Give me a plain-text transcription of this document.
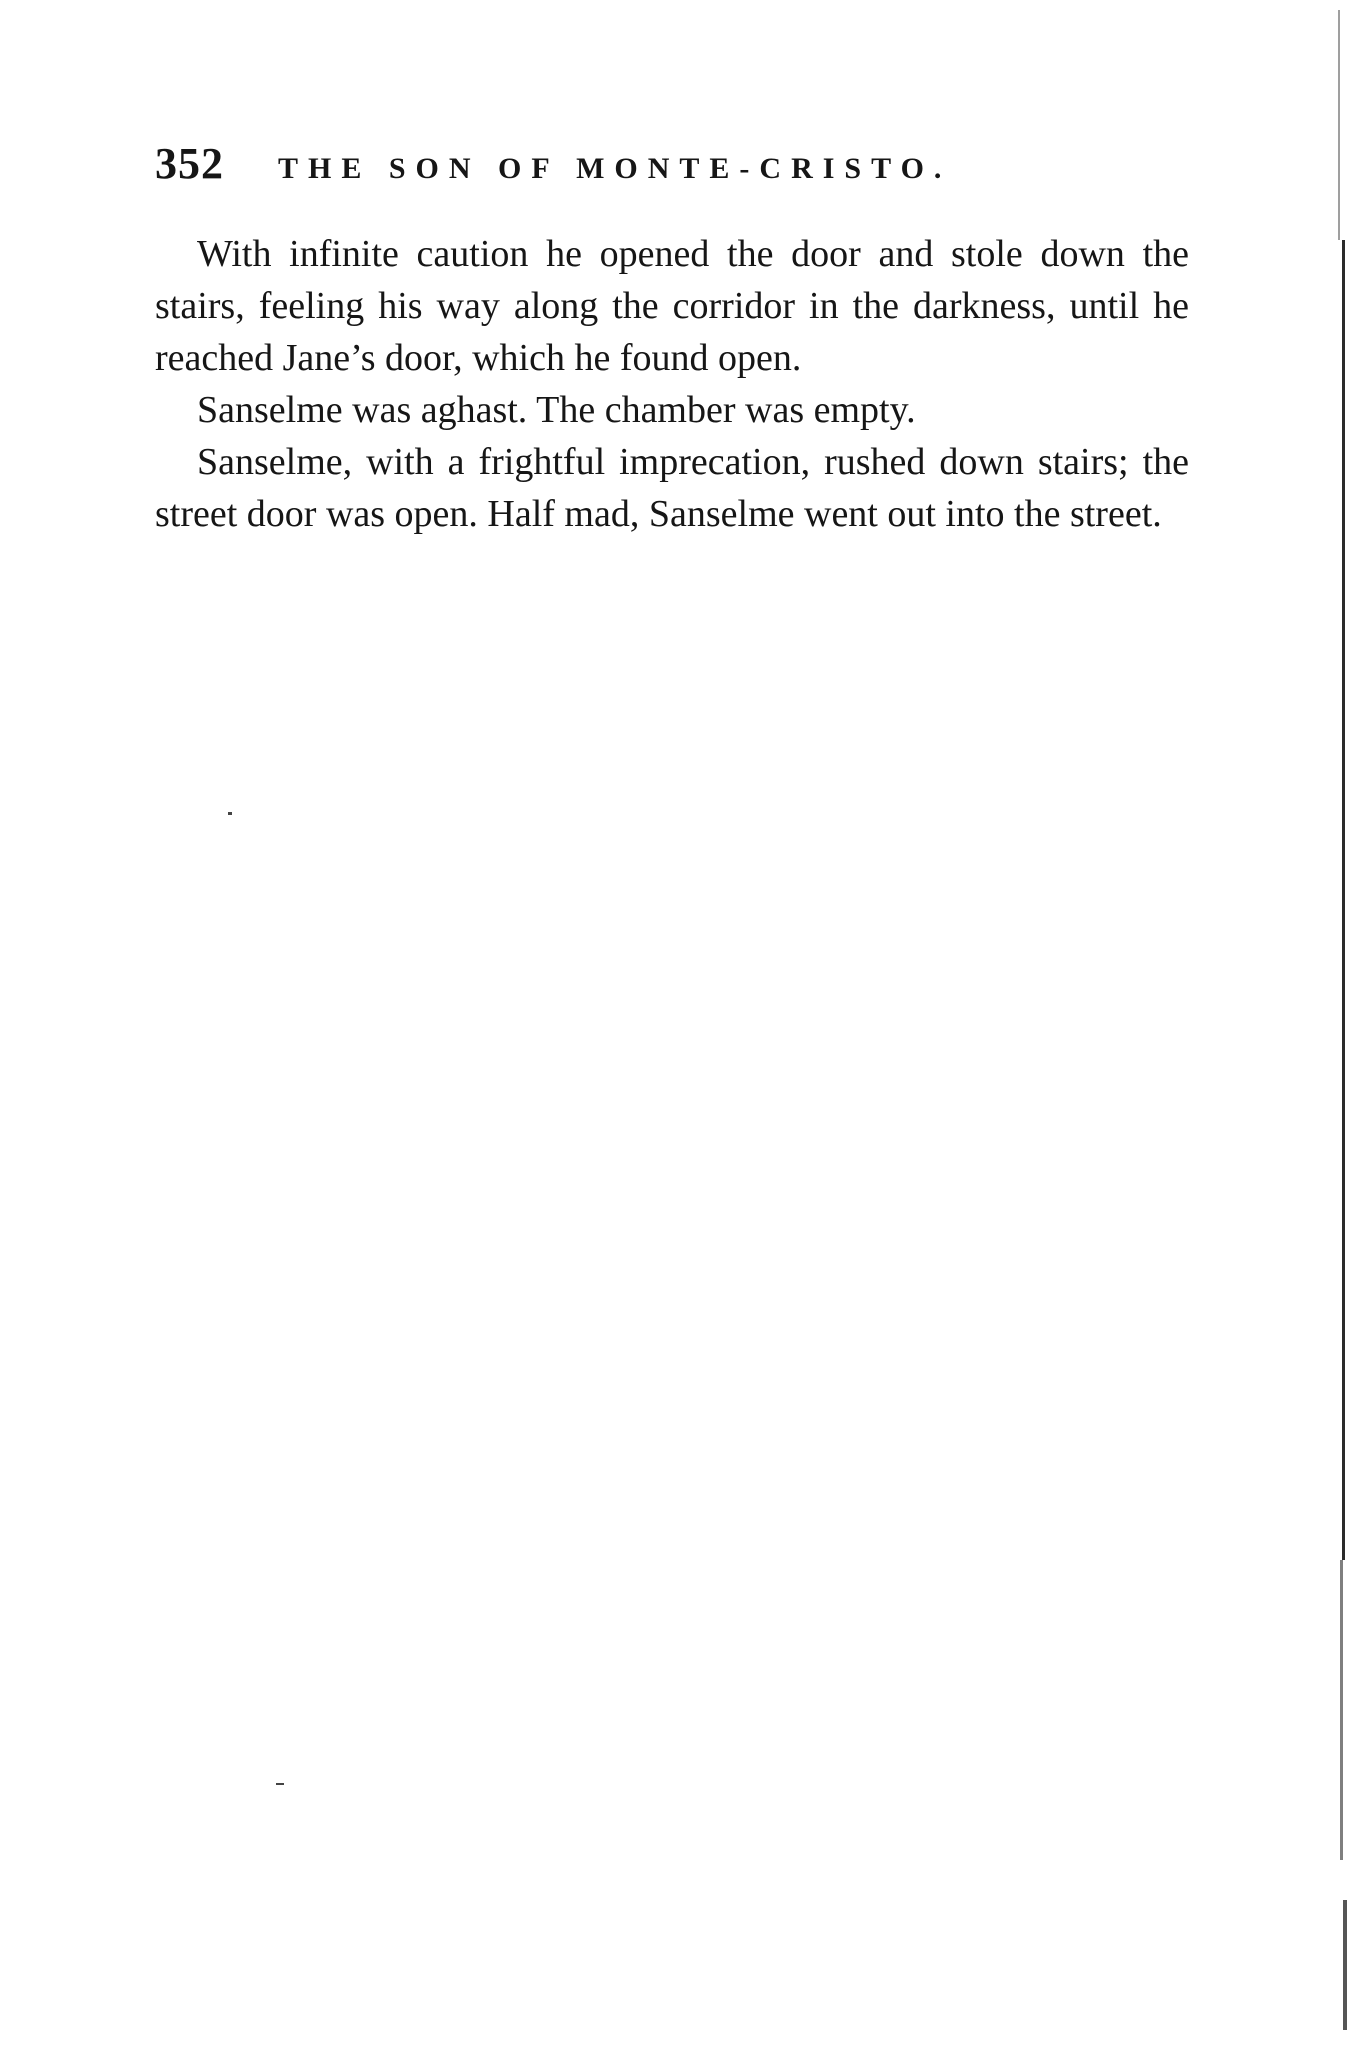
352 THE SON OF MONTE-CRISTO.

With infinite caution he opened the door and stole down the stairs, feeling his way along the corridor in the darkness, until he reached Jane’s door, which he found open.

Sanselme was aghast. The chamber was empty.

Sanselme, with a frightful imprecation, rushed down stairs; the street door was open. Half mad, Sanselme went out into the street.
